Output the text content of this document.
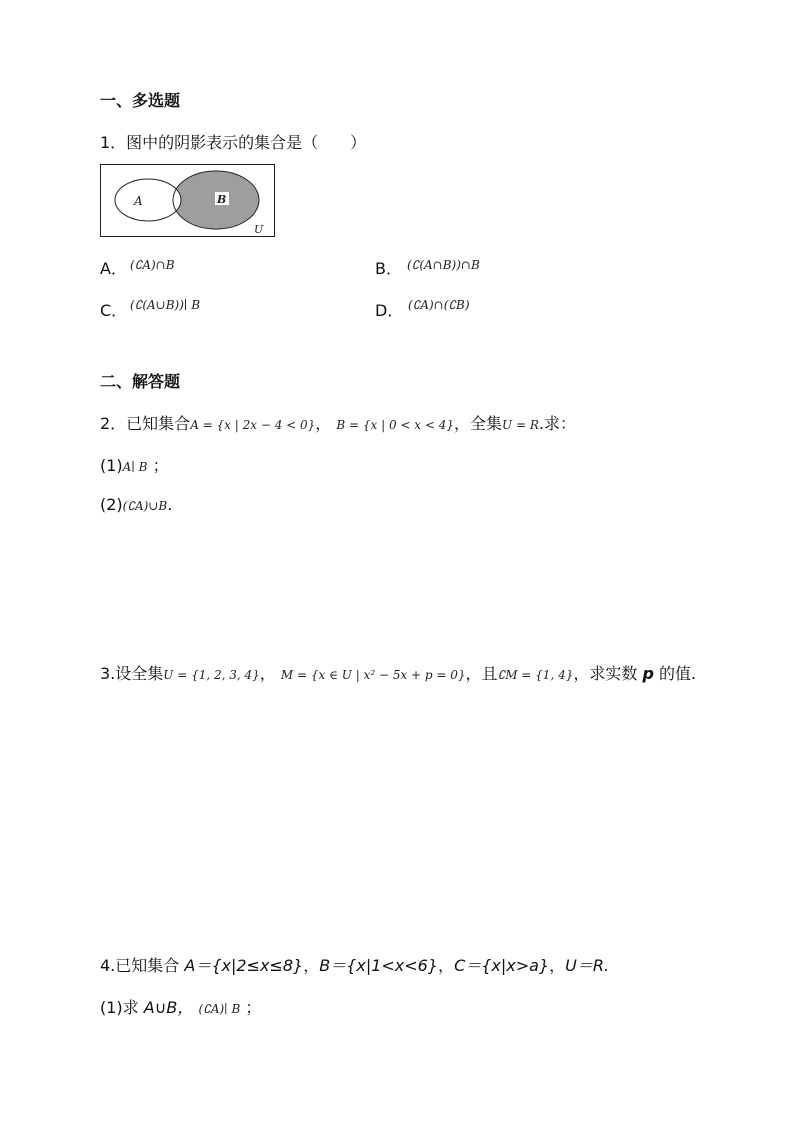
一、多选题
1．图中的阴影表示的集合是（　　）
A	B
U
A． (∁A)∩B	B． (∁(A∩B))∩B
C． (∁(A∪B))∣ B	D． (∁A)∩(∁B)
二、解答题
2．已知集合A = {x | 2x − 4 < 0}， B = {x | 0 < x < 4}，全集U = R.求：
(1)A∣ B ；
(2)(∁A)∪B.
3.设全集U = {1, 2, 3, 4}， M = {x ∈ U | x² − 5x + p = 0}，且∁M = {1, 4}，求实数 p 的值.
4.已知集合 A＝{x|2≤x≤8}，B＝{x|1<x<6}，C＝{x|x>a}，U＝R.
(1)求 A∪B， (∁A)∣ B ；
